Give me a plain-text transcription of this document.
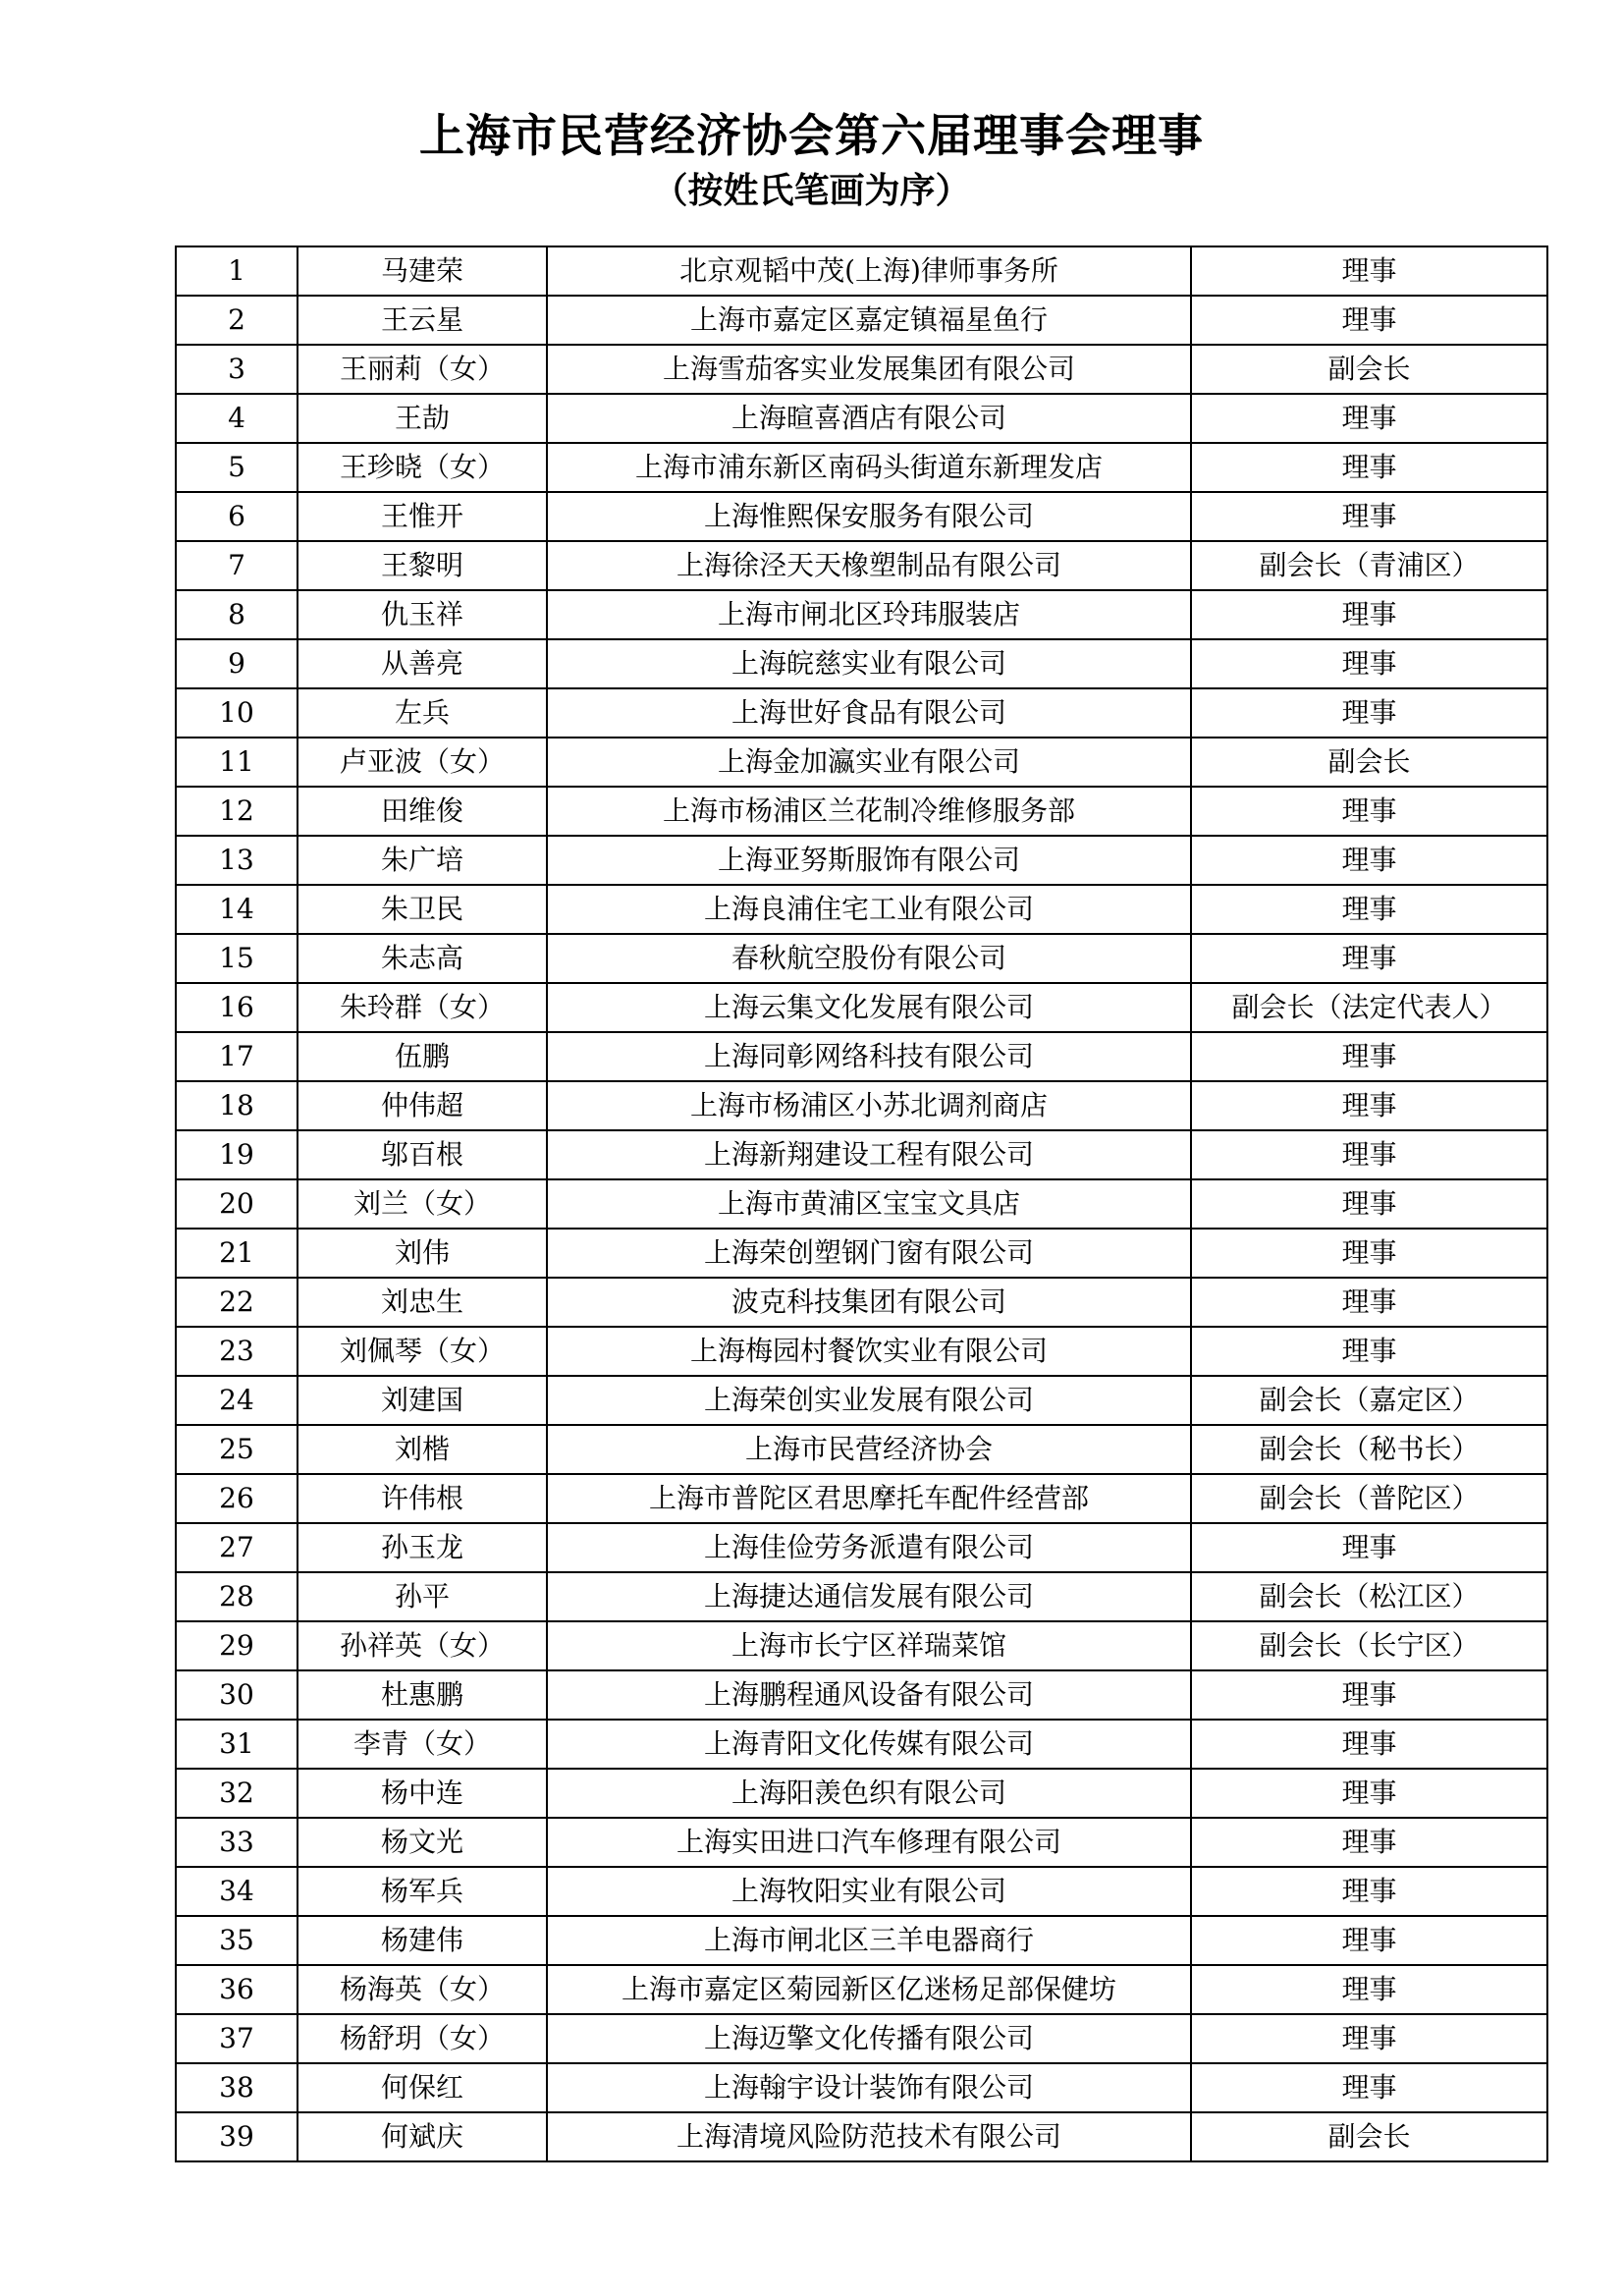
上海市民营经济协会第六届理事会理事
（按姓氏笔画为序）
1	马建荣	北京观韬中茂(上海)律师事务所	理事
2	王云星	上海市嘉定区嘉定镇福星鱼行	理事
3	王丽莉（女）	上海雪茄客实业发展集团有限公司	副会长
4	王劼	上海暄喜酒店有限公司	理事
5	王珍晓（女）	上海市浦东新区南码头街道东新理发店	理事
6	王惟开	上海惟熙保安服务有限公司	理事
7	王黎明	上海徐泾天天橡塑制品有限公司	副会长（青浦区）
8	仇玉祥	上海市闸北区玲玮服装店	理事
9	从善亮	上海皖慈实业有限公司	理事
10	左兵	上海世好食品有限公司	理事
11	卢亚波（女）	上海金加瀛实业有限公司	副会长
12	田维俊	上海市杨浦区兰花制冷维修服务部	理事
13	朱广培	上海亚努斯服饰有限公司	理事
14	朱卫民	上海良浦住宅工业有限公司	理事
15	朱志高	春秋航空股份有限公司	理事
16	朱玲群（女）	上海云集文化发展有限公司	副会长（法定代表人）
17	伍鹏	上海同彰网络科技有限公司	理事
18	仲伟超	上海市杨浦区小苏北调剂商店	理事
19	邬百根	上海新翔建设工程有限公司	理事
20	刘兰（女）	上海市黄浦区宝宝文具店	理事
21	刘伟	上海荣创塑钢门窗有限公司	理事
22	刘忠生	波克科技集团有限公司	理事
23	刘佩琴（女）	上海梅园村餐饮实业有限公司	理事
24	刘建国	上海荣创实业发展有限公司	副会长（嘉定区）
25	刘楷	上海市民营经济协会	副会长（秘书长）
26	许伟根	上海市普陀区君思摩托车配件经营部	副会长（普陀区）
27	孙玉龙	上海佳俭劳务派遣有限公司	理事
28	孙平	上海捷达通信发展有限公司	副会长（松江区）
29	孙祥英（女）	上海市长宁区祥瑞菜馆	副会长（长宁区）
30	杜惠鹏	上海鹏程通风设备有限公司	理事
31	李青（女）	上海青阳文化传媒有限公司	理事
32	杨中连	上海阳羡色织有限公司	理事
33	杨文光	上海实田进口汽车修理有限公司	理事
34	杨军兵	上海牧阳实业有限公司	理事
35	杨建伟	上海市闸北区三羊电器商行	理事
36	杨海英（女）	上海市嘉定区菊园新区亿迷杨足部保健坊	理事
37	杨舒玥（女）	上海迈擎文化传播有限公司	理事
38	何保红	上海翰宇设计装饰有限公司	理事
39	何斌庆	上海清境风险防范技术有限公司	副会长
